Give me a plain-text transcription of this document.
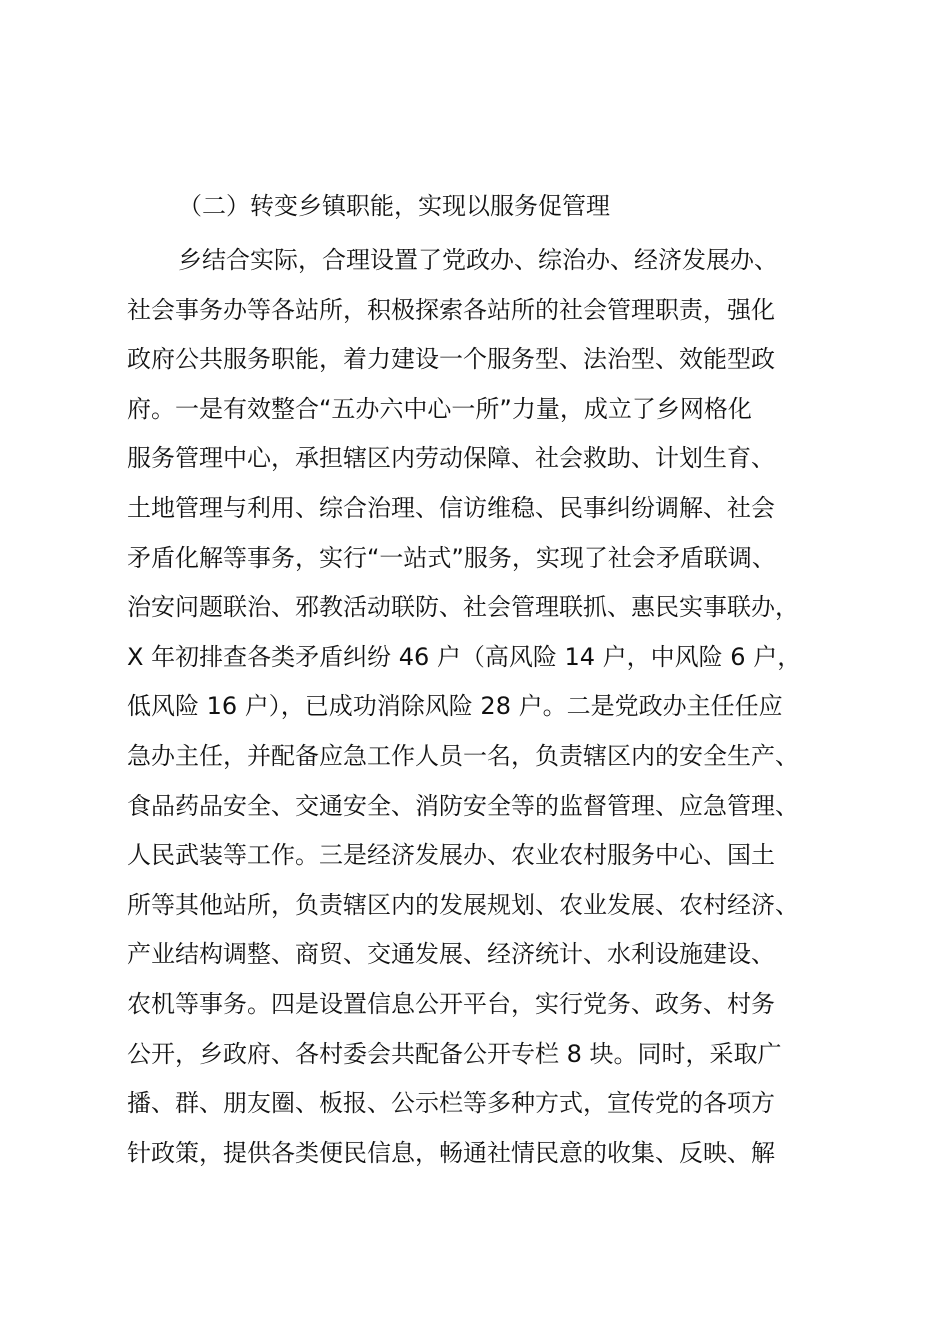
（二）转变乡镇职能，实现以服务促管理
乡结合实际，合理设置了党政办、综治办、经济发展办、
社会事务办等各站所，积极探索各站所的社会管理职责，强化
政府公共服务职能，着力建设一个服务型、法治型、效能型政
府。一是有效整合“五办六中心一所”力量，成立了乡网格化
服务管理中心，承担辖区内劳动保障、社会救助、计划生育、
土地管理与利用、综合治理、信访维稳、民事纠纷调解、社会
矛盾化解等事务，实行“一站式”服务，实现了社会矛盾联调、
治安问题联治、邪教活动联防、社会管理联抓、惠民实事联办，
X 年初排查各类矛盾纠纷 46 户（高风险 14 户，中风险 6 户，
低风险 16 户），已成功消除风险 28 户。二是党政办主任任应
急办主任，并配备应急工作人员一名，负责辖区内的安全生产、
食品药品安全、交通安全、消防安全等的监督管理、应急管理、
人民武装等工作。三是经济发展办、农业农村服务中心、国土
所等其他站所，负责辖区内的发展规划、农业发展、农村经济、
产业结构调整、商贸、交通发展、经济统计、水利设施建设、
农机等事务。四是设置信息公开平台，实行党务、政务、村务
公开，乡政府、各村委会共配备公开专栏 8 块。同时，采取广
播、群、朋友圈、板报、公示栏等多种方式，宣传党的各项方
针政策，提供各类便民信息，畅通社情民意的收集、反映、解
